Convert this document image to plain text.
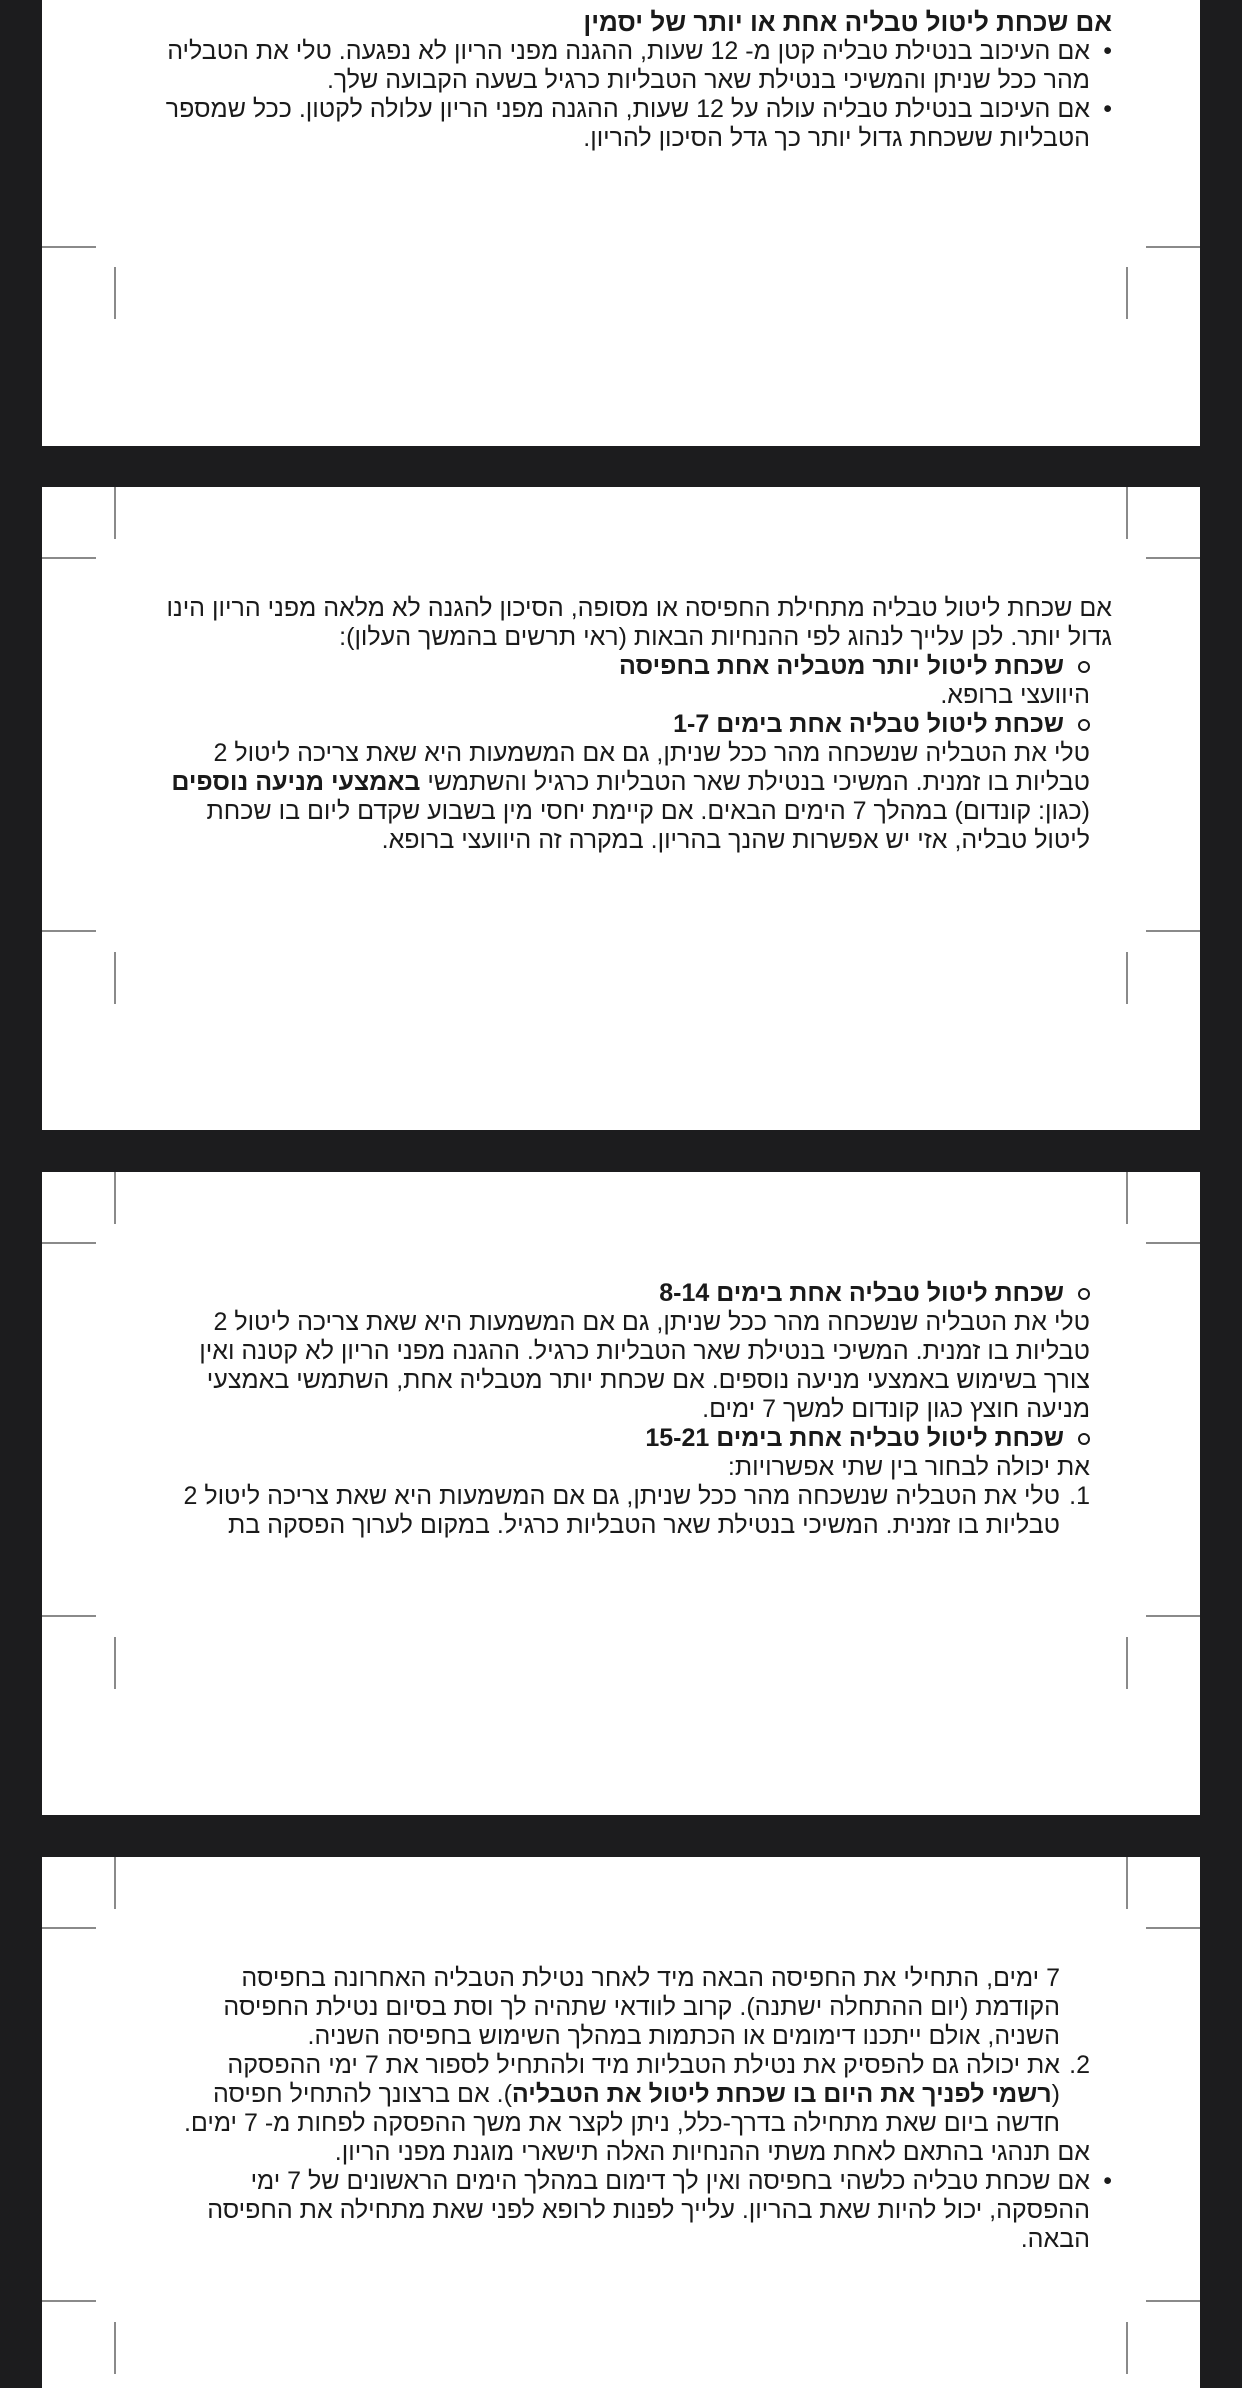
אם שכחת ליטול טבליה אחת או יותר של יסמין

•
אם העיכוב בנטילת טבליה קטן מ- 12 שעות, ההגנה מפני הריון לא נפגעה. טלי את הטבליה מהר ככל שניתן והמשיכי בנטילת שאר הטבליות כרגיל בשעה הקבועה שלך.
•
אם העיכוב בנטילת טבליה עולה על 12 שעות, ההגנה מפני הריון עלולה לקטון. ככל שמספר הטבליות ששכחת גדול יותר כך גדל הסיכון להריון.

אם שכחת ליטול טבליה מתחילת החפיסה או מסופה, הסיכון להגנה לא מלאה מפני הריון הינו גדול יותר. לכן עלייך לנהוג לפי ההנחיות הבאות (ראי תרשים בהמשך העלון):

שכחת ליטול יותר מטבליה אחת בחפיסה

היוועצי ברופא.

שכחת ליטול טבליה אחת בימים 1-7

טלי את הטבליה שנשכחה מהר ככל שניתן, גם אם המשמעות היא שאת צריכה ליטול 2 טבליות בו זמנית. המשיכי בנטילת שאר הטבליות כרגיל והשתמשי באמצעי מניעה נוספים (כגון: קונדום) במהלך 7 הימים הבאים. אם קיימת יחסי מין בשבוע שקדם ליום בו שכחת ליטול טבליה, אזי יש אפשרות שהנך בהריון. במקרה זה היוועצי ברופא.

שכחת ליטול טבליה אחת בימים 8-14

טלי את הטבליה שנשכחה מהר ככל שניתן, גם אם המשמעות היא שאת צריכה ליטול 2 טבליות בו זמנית. המשיכי בנטילת שאר הטבליות כרגיל. ההגנה מפני הריון לא קטנה ואין צורך בשימוש באמצעי מניעה נוספים. אם שכחת יותר מטבליה אחת, השתמשי באמצעי מניעה חוצץ כגון קונדום למשך 7 ימים.

שכחת ליטול טבליה אחת בימים 15-21

את יכולה לבחור בין שתי אפשרויות:

1.
טלי את הטבליה שנשכחה מהר ככל שניתן, גם אם המשמעות היא שאת צריכה ליטול 2 טבליות בו זמנית. המשיכי בנטילת שאר הטבליות כרגיל. במקום לערוך הפסקה בת

7 ימים, התחילי את החפיסה הבאה מיד לאחר נטילת הטבליה האחרונה בחפיסה הקודמת (יום ההתחלה ישתנה). קרוב לוודאי שתהיה לך וסת בסיום נטילת החפיסה השניה, אולם ייתכנו דימומים או הכתמות במהלך השימוש בחפיסה השניה.

2.
את יכולה גם להפסיק את נטילת הטבליות מיד ולהתחיל לספור את 7 ימי ההפסקה (רשמי לפניך את היום בו שכחת ליטול את הטבליה). אם ברצונך להתחיל חפיסה חדשה ביום שאת מתחילה בדרך-כלל, ניתן לקצר את משך ההפסקה לפחות מ- 7 ימים.

אם תנהגי בהתאם לאחת משתי ההנחיות האלה תישארי מוגנת מפני הריון.

•
אם שכחת טבליה כלשהי בחפיסה ואין לך דימום במהלך הימים הראשונים של 7 ימי ההפסקה, יכול להיות שאת בהריון. עלייך לפנות לרופא לפני שאת מתחילה את החפיסה הבאה.
